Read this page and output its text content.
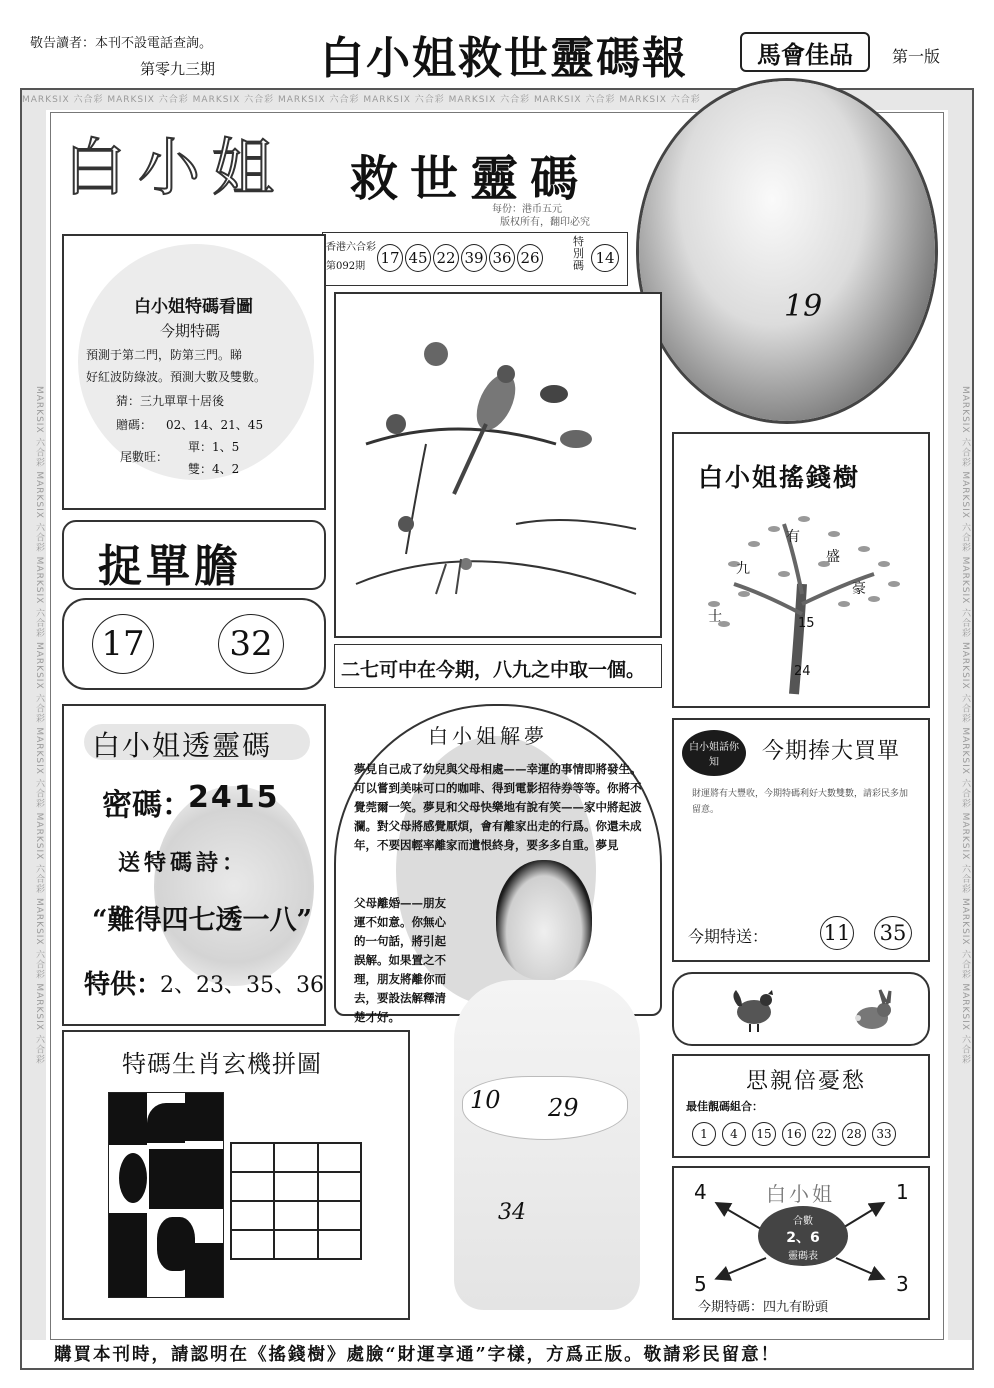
敬告讀者：本刊不設電話查詢。
第零九三期 白小姐救世靈碼報	馬會佳品	第一版
MARKSIX 六合彩 MARKSIX 六合彩 MARKSIX 六合彩 MARKSIX 六合彩 MARKSIX 六合彩 MARKSIX 六合彩 MARKSIX 六合彩 MARKSIX 六合彩
MARKSIX 六合彩 MARKSIX 六合彩 MARKSIX 六合彩 MARKSIX 六合彩 MARKSIX 六合彩 MARKSIX 六合彩 MARKSIX 六合彩 MARKSIX 六合彩	MARKSIX 六合彩 MARKSIX 六合彩 MARKSIX 六合彩 MARKSIX 六合彩 MARKSIX 六合彩 MARKSIX 六合彩 MARKSIX 六合彩 MARKSIX 六合彩
白小姐 救世靈碼
每份：港币五元
版权所有，翻印必究
香港六合彩
第092期 17 45 22 39 36 26
特別碼 14
19
白小姐特碼看圖
今期特碼
預測于第二門，防第三門。睇
好紅波防綠波。預測大數及雙數。
猜：三九單單十居後
贈碼： 02、14、21、45
尾數旺：
單：1、5
雙：4、2
捉單膽
17	32
二七可中在今期，八九之中取一個。
白小姐搖錢樹
九
有
盛
豪
士	15
24
白小姐透靈碼
密碼：
2415
送特碼詩：
“難得四七透一八”
特供：
2、23、35、36
白小姐解夢
夢見自己成了幼兒與父母相處——幸運的事情即將發生。可以嘗到美味可口的咖啡、得到電影招待券等等。你將不覺莞爾一笑。夢見和父母快樂地有說有笑——家中將起波瀾。對父母將感覺厭煩，會有離家出走的行爲。你還未成年，不要因輕率離家而遺恨終身，要多多自重。夢見
父母離婚——朋友運不如意。你無心的一句話，將引起誤解。如果置之不理，朋友將離你而去，要設法解釋清楚才好。
10 29
34
白小姐話你知	今期捧大買單
財運將有大豐收，今期特碼利好大數雙數，請彩民多加留意。
今期特送：	11 35
思親倍憂愁
最佳靚碼組合：
1	4	15	16	22	28	33
白小姐
4	1
5	3
合數
2、6
靈碼表
今期特碼：四九有盼頭
特碼生肖玄機拼圖
購買本刊時，請認明在《搖錢樹》處臉“財運享通”字樣，方爲正版。敬請彩民留意！
